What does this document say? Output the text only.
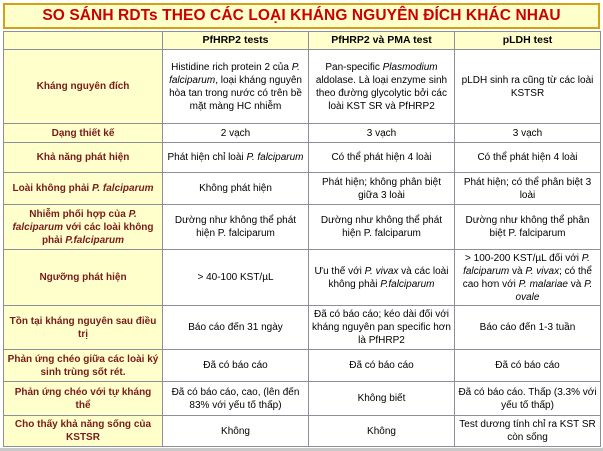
SO SÁNH RDTs THEO CÁC LOẠI KHÁNG NGUYÊN ĐÍCH KHÁC NHAU
	PfHRP2 tests	PfHRP2 và PMA test	pLDH test
Kháng nguyên đích	Histidine rich protein 2 của P. falciparum, loại kháng nguyên hòa tan trong nước có trên bề mặt màng HC nhiễm	Pan-specific Plasmodium aldolase. Là loại enzyme sinh theo đường glycolytic bởi các loài KST SR và PfHRP2	pLDH sinh ra cũng từ các loài KSTSR
Dạng thiết kế	2 vạch	3 vạch	3 vạch
Khả năng phát hiện	Phát hiện chỉ loài P. falciparum	Có thể phát hiện 4 loài	Có thể phát hiện 4 loài
Loài không phải P. falciparum	Không phát hiện	Phát hiện; không phân biệt giữa 3 loài	Phát hiện; có thể phân biệt 3 loài
Nhiễm phối hợp của P. falciparum với các loài không phải P.falciparum	Dường như không thể phát hiện P. falciparum	Dường như không thể phát hiện P. falciparum	Dường như không thể phân biệt P. falciparum
Ngưỡng phát hiện	> 40-100 KST/µL	Ưu thế với P. vivax và các loài không phải P.falciparum	> 100-200 KST/µL đối với P. falciparum và P. vivax; có thể cao hơn với P. malariae và P. ovale
Tồn tại kháng nguyên sau điều trị	Báo cáo đến 31 ngày	Đã có báo cáo; kéo dài đối với kháng nguyên pan specific hơn là PfHRP2	Báo cáo đến 1-3 tuần
Phản ứng chéo giữa các loài ký sinh trùng sốt rét.	Đã có báo cáo	Đã có báo cáo	Đã có báo cáo
Phản ứng chéo với tự kháng thể	Đã có báo cáo, cao, (lên đến 83% với yếu tố thấp)	Không biết	Đã có báo cáo. Thấp (3.3% với yếu tố thấp)
Cho thấy khả năng sống của KSTSR	Không	Không	Test dương tính chỉ ra KST SR còn sống
